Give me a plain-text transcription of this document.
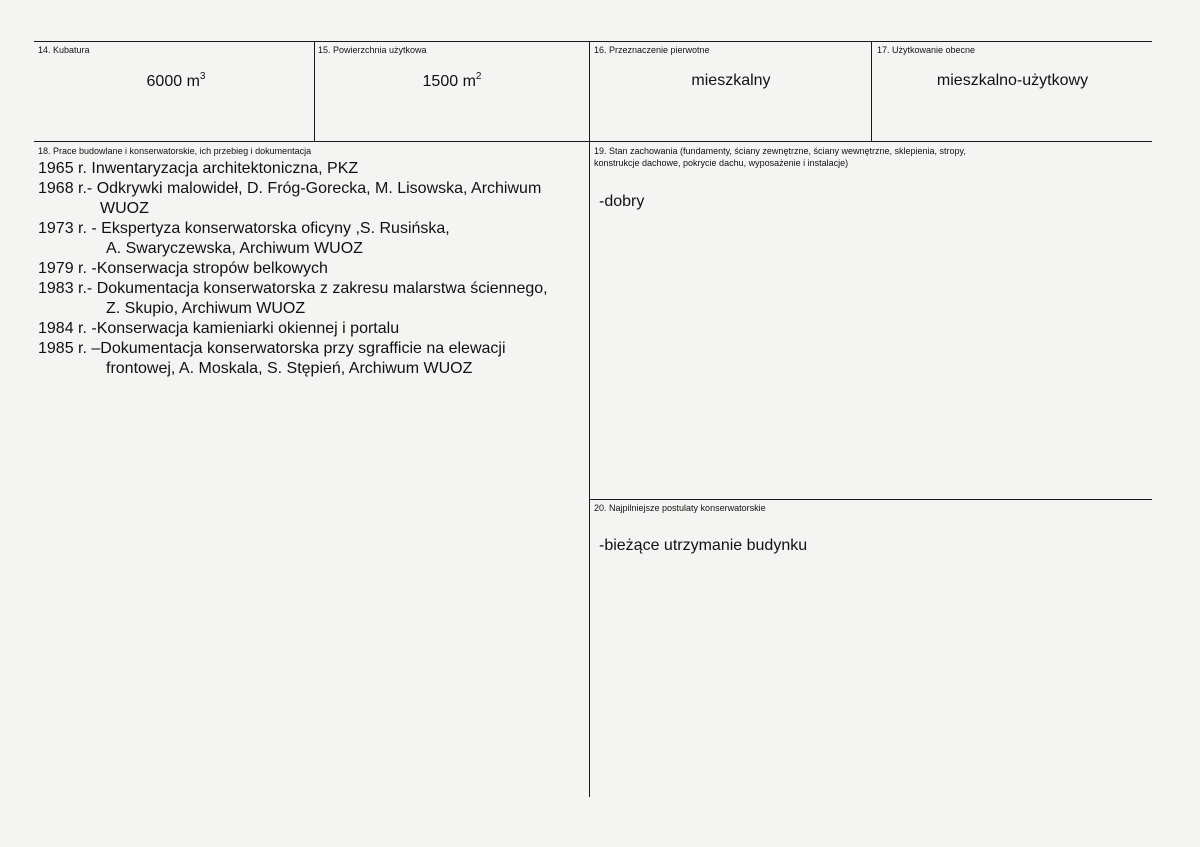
14. Kubatura
6000 $m^3$
15. Powierzchnia użytkowa
1500 $m^2$
16. Przeznaczenie pierwotne
mieszkalny
17. Użytkowanie obecne
mieszkalno-użytkowy
18. Prace budowlane i konserwatorskie, ich przebieg i dokumentacja

1965 r. Inwentaryzacja architektoniczna, PKZ

1968 r.- Odkrywki malowideł, D. Fróg-Gorecka, M. Lisowska, Archiwum

WUOZ

1973 r. - Ekspertyza konserwatorska oficyny ,S. Rusińska,

A. Swaryczewska, Archiwum WUOZ

1979 r. -Konserwacja stropów belkowych

1983 r.- Dokumentacja konserwatorska z zakresu malarstwa ściennego,

Z. Skupio, Archiwum WUOZ

1984 r. -Konserwacja kamieniarki okiennej i portalu

1985 r. –Dokumentacja konserwatorska przy sgrafficie na elewacji

frontowej, A. Moskala, S. Stępień, Archiwum WUOZ

19. Stan zachowania (fundamenty, ściany zewnętrzne, ściany wewnętrzne, sklepienia, stropy,
konstrukcje dachowe, pokrycie dachu, wyposażenie i instalacje)
-dobry
20. Najpilniejsze postulaty konserwatorskie
-bieżące utrzymanie budynku
